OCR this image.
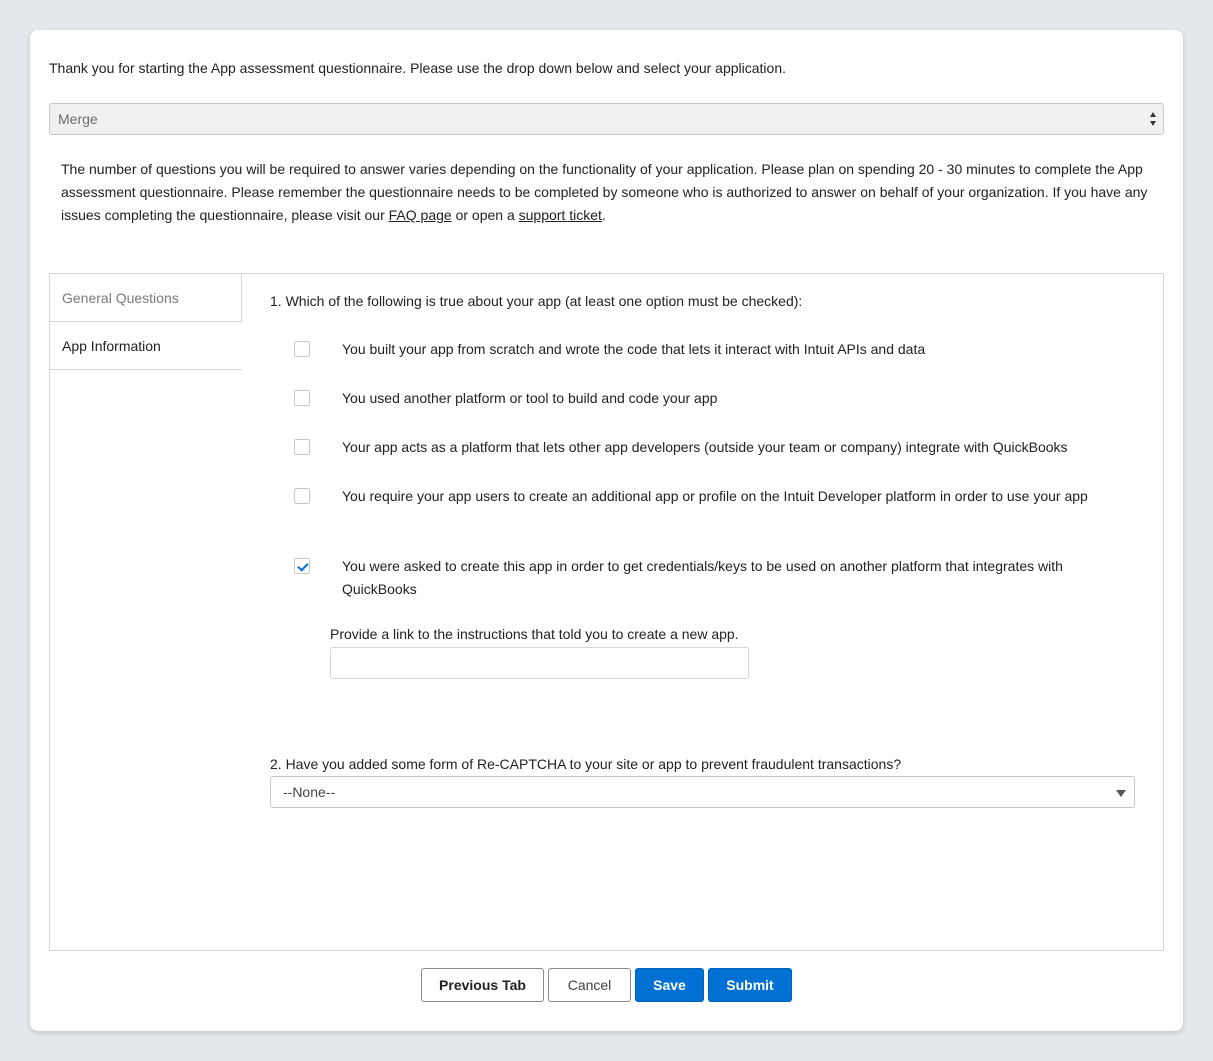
Thank you for starting the App assessment questionnaire. Please use the drop down below and select your application.
Merge
The number of questions you will be required to answer varies depending on the functionality of your application. Please plan on spending 20 - 30 minutes to complete the App assessment questionnaire. Please remember the questionnaire needs to be completed by someone who is authorized to answer on behalf of your organization. If you have any issues completing the questionnaire, please visit our FAQ page or open a support ticket.
General Questions
App Information
1. Which of the following is true about your app (at least one option must be checked):
You built your app from scratch and wrote the code that lets it interact with Intuit APIs and data
You used another platform or tool to build and code your app
Your app acts as a platform that lets other app developers (outside your team or company) integrate with QuickBooks
You require your app users to create an additional app or profile on the Intuit Developer platform in order to use your app
You were asked to create this app in order to get credentials/keys to be used on another platform that integrates with QuickBooks
Provide a link to the instructions that told you to create a new app.
2. Have you added some form of Re-CAPTCHA to your site or app to prevent fraudulent transactions?
--None--
Previous Tab	Cancel	Save	Submit
